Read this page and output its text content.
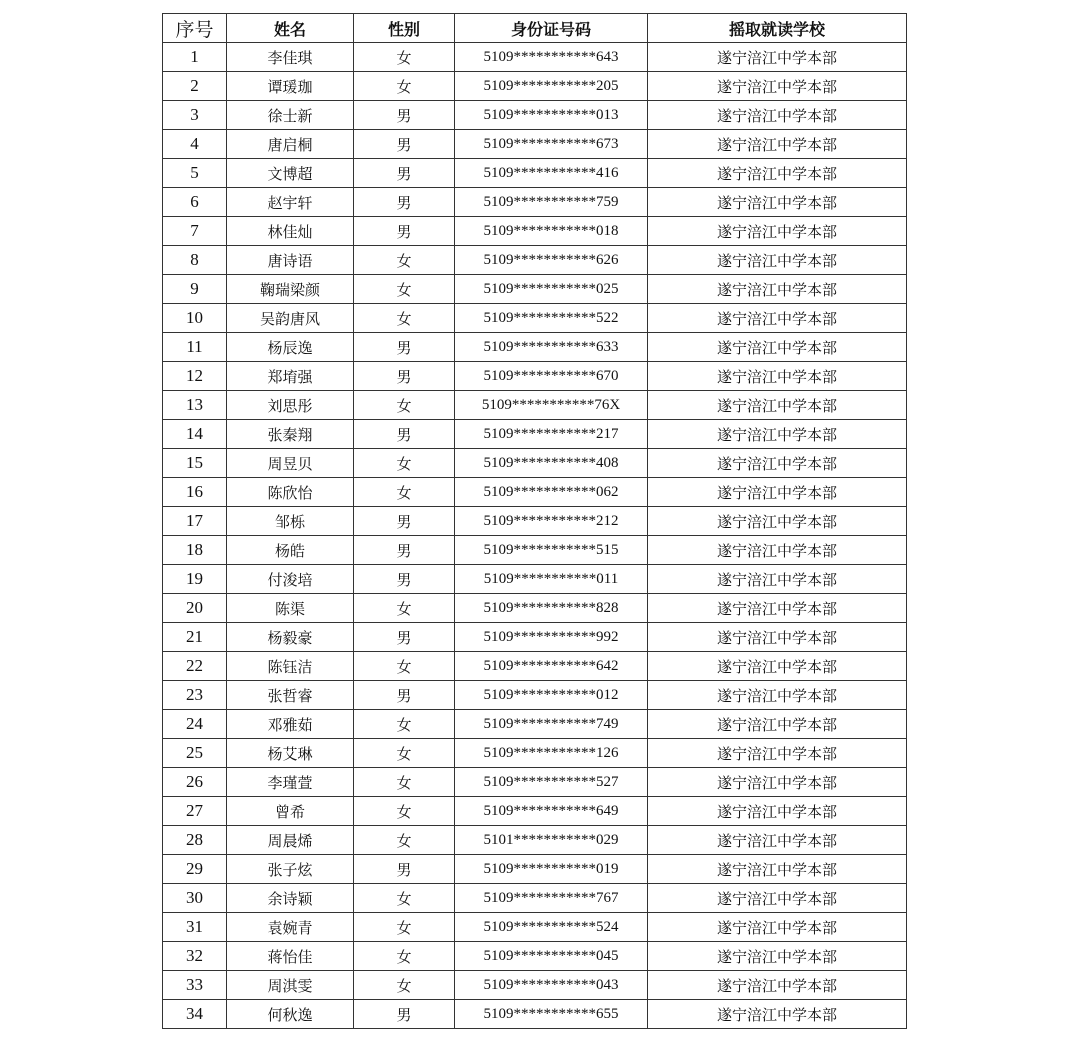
序号	姓名	性别	身份证号码	摇取就读学校
1	李佳琪	女	5109***********643	遂宁涪江中学本部
2	谭瑗珈	女	5109***********205	遂宁涪江中学本部
3	徐士新	男	5109***********013	遂宁涪江中学本部
4	唐启桐	男	5109***********673	遂宁涪江中学本部
5	文博超	男	5109***********416	遂宁涪江中学本部
6	赵宇轩	男	5109***********759	遂宁涪江中学本部
7	林佳灿	男	5109***********018	遂宁涪江中学本部
8	唐诗语	女	5109***********626	遂宁涪江中学本部
9	鞠瑞梁颜	女	5109***********025	遂宁涪江中学本部
10	吴韵唐风	女	5109***********522	遂宁涪江中学本部
11	杨辰逸	男	5109***********633	遂宁涪江中学本部
12	郑堉强	男	5109***********670	遂宁涪江中学本部
13	刘思彤	女	5109***********76X	遂宁涪江中学本部
14	张秦翔	男	5109***********217	遂宁涪江中学本部
15	周昱贝	女	5109***********408	遂宁涪江中学本部
16	陈欣怡	女	5109***********062	遂宁涪江中学本部
17	邹栎	男	5109***********212	遂宁涪江中学本部
18	杨皓	男	5109***********515	遂宁涪江中学本部
19	付浚培	男	5109***********011	遂宁涪江中学本部
20	陈渠	女	5109***********828	遂宁涪江中学本部
21	杨毅豪	男	5109***********992	遂宁涪江中学本部
22	陈钰洁	女	5109***********642	遂宁涪江中学本部
23	张哲睿	男	5109***********012	遂宁涪江中学本部
24	邓雅茹	女	5109***********749	遂宁涪江中学本部
25	杨艾琳	女	5109***********126	遂宁涪江中学本部
26	李瑾萱	女	5109***********527	遂宁涪江中学本部
27	曾希	女	5109***********649	遂宁涪江中学本部
28	周晨烯	女	5101***********029	遂宁涪江中学本部
29	张子炫	男	5109***********019	遂宁涪江中学本部
30	余诗颖	女	5109***********767	遂宁涪江中学本部
31	袁婉青	女	5109***********524	遂宁涪江中学本部
32	蒋怡佳	女	5109***********045	遂宁涪江中学本部
33	周淇雯	女	5109***********043	遂宁涪江中学本部
34	何秋逸	男	5109***********655	遂宁涪江中学本部
